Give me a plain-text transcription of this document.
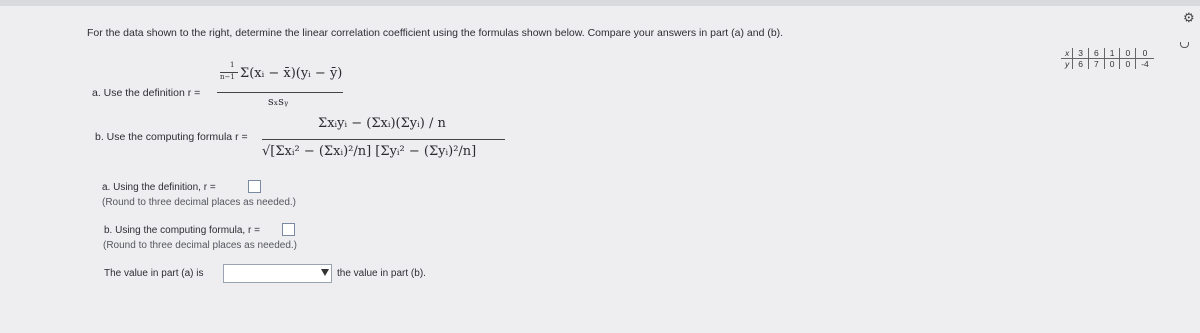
For the data shown to the right, determine the linear correlation coefficient using the formulas shown below. Compare your answers in part (a) and (b).
⚙
x	3	6	1	0	0
y	6	7	0	0	-4
a. Use the definition r =
1
n−1 Σ(xᵢ − x̄)(yᵢ − ȳ)
sₓsᵧ
b. Use the computing formula r =
Σxᵢyᵢ − (Σxᵢ)(Σyᵢ) / n
√[Σxᵢ² − (Σxᵢ)²/n] [Σyᵢ² − (Σyᵢ)²/n]
a. Using the definition, r =
(Round to three decimal places as needed.)
b. Using the computing formula, r =
(Round to three decimal places as needed.)
The value in part (a) is	the value in part (b).
